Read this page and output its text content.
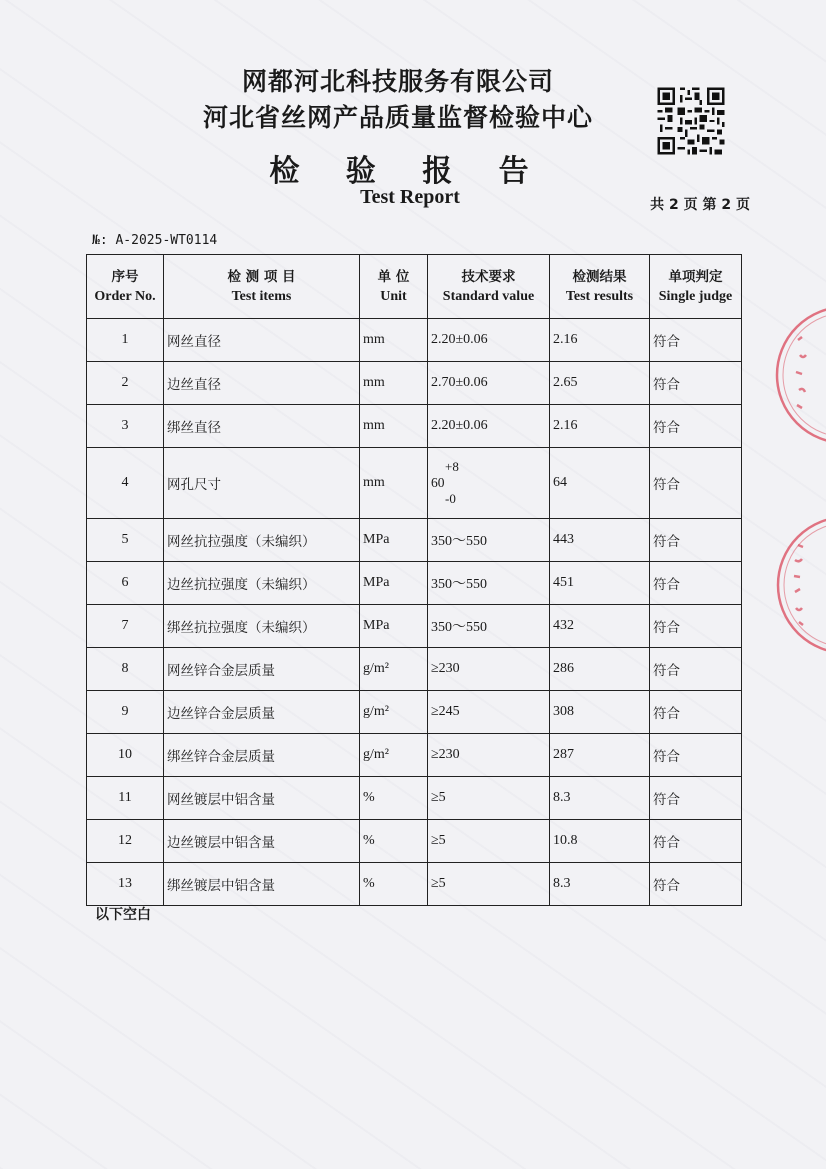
网都河北科技服务有限公司
河北省丝网产品质量监督检验中心
检 验 报 告
Test Report	共 2 页 第 2 页
№: A-2025-WT0114
序号
Order No.	检 测 项 目
Test items	单 位
Unit	技术要求
Standard value	检测结果
Test results	单项判定
Single judge
1	网丝直径	mm	2.20±0.06	2.16	符合
2	边丝直径	mm	2.70±0.06	2.65	符合
3	绑丝直径	mm	2.20±0.06	2.16	符合
4	网孔尺寸	mm	+8
60
-0	64	符合
5	网丝抗拉强度（未编织）	MPa	350～550	443	符合
6	边丝抗拉强度（未编织）	MPa	350～550	451	符合
7	绑丝抗拉强度（未编织）	MPa	350～550	432	符合
8	网丝锌合金层质量	g/m²	≥230	286	符合
9	边丝锌合金层质量	g/m²	≥245	308	符合
10	绑丝锌合金层质量	g/m²	≥230	287	符合
11	网丝镀层中铝含量	%	≥5	8.3	符合
12	边丝镀层中铝含量	%	≥5	10.8	符合
13	绑丝镀层中铝含量	%	≥5	8.3	符合
以下空白
